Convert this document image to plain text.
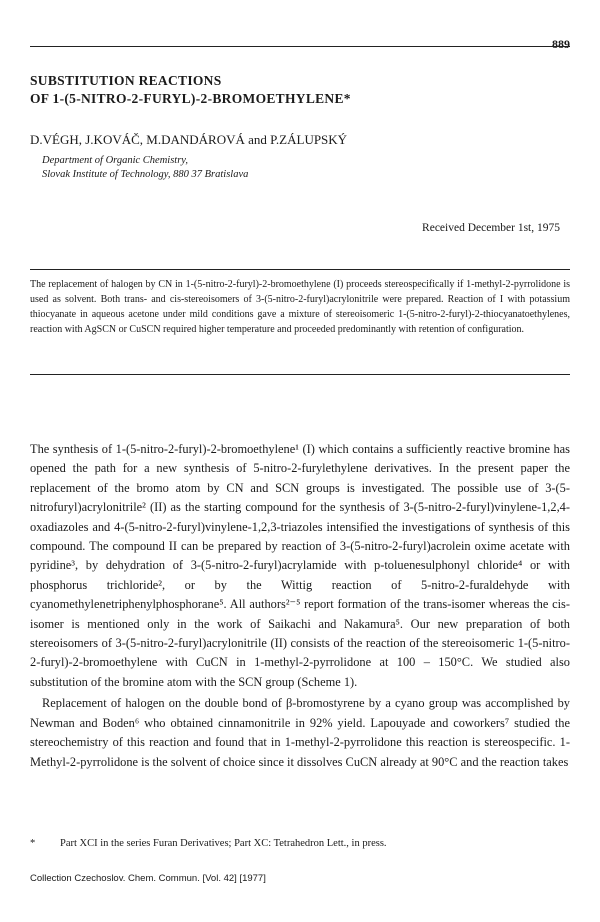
889
SUBSTITUTION REACTIONS
OF 1-(5-NITRO-2-FURYL)-2-BROMOETHYLENE*
D.VÉGH, J.KOVÁČ, M.DANDÁROVÁ and P.ZÁLUPSKÝ
Department of Organic Chemistry,
Slovak Institute of Technology, 880 37 Bratislava
Received December 1st, 1975
The replacement of halogen by CN in 1-(5-nitro-2-furyl)-2-bromoethylene (I) proceeds stereospecifically if 1-methyl-2-pyrrolidone is used as solvent. Both trans- and cis-stereoisomers of 3-(5-nitro-2-furyl)acrylonitrile were prepared. Reaction of I with potassium thiocyanate in aqueous acetone under mild conditions gave a mixture of stereoisomeric 1-(5-nitro-2-furyl)-2-thiocyanatoethylenes, reaction with AgSCN or CuSCN required higher temperature and proceeded predominantly with retention of configuration.

The synthesis of 1-(5-nitro-2-furyl)-2-bromoethylene¹ (I) which contains a sufficiently reactive bromine has opened the path for a new synthesis of 5-nitro-2-furylethylene derivatives. In the present paper the replacement of the bromo atom by CN and SCN groups is investigated. The possible use of 3-(5-nitrofuryl)acrylonitrile² (II) as the starting compound for the synthesis of 3-(5-nitro-2-furyl)vinylene-1,2,4-oxadiazoles and 4-(5-nitro-2-furyl)vinylene-1,2,3-triazoles intensified the investigations of synthesis of this compound. The compound II can be prepared by reaction of 3-(5-nitro-2-furyl)acrolein oxime acetate with pyridine³, by dehydration of 3-(5-nitro-2-furyl)acrylamide with p-toluenesulphonyl chloride⁴ or with phosphorus trichloride², or by the Wittig reaction of 5-nitro-2-furaldehyde with cyanomethylenetriphenylphosphorane⁵. All authors²⁻⁵ report formation of the trans-isomer whereas the cis-isomer is mentioned only in the work of Saikachi and Nakamura⁵. Our new preparation of both stereoisomers of 3-(5-nitro-2-furyl)acrylonitrile (II) consists of the reaction of the stereoisomeric 1-(5-nitro-2-furyl)-2-bromoethylene with CuCN in 1-methyl-2-pyrrolidone at 100 – 150°C. We studied also substitution of the bromine atom with the SCN group (Scheme 1).

Replacement of halogen on the double bond of β-bromostyrene by a cyano group was accomplished by Newman and Boden⁶ who obtained cinnamonitrile in 92% yield. Lapouyade and coworkers⁷ studied the stereochemistry of this reaction and found that in 1-methyl-2-pyrrolidone this reaction is stereospecific. 1-Methyl-2-pyrrolidone is the solvent of choice since it dissolves CuCN already at 90°C and the reaction takes

* Part XCI in the series Furan Derivatives; Part XC: Tetrahedron Lett., in press.
Collection Czechoslov. Chem. Commun. [Vol. 42] [1977]
